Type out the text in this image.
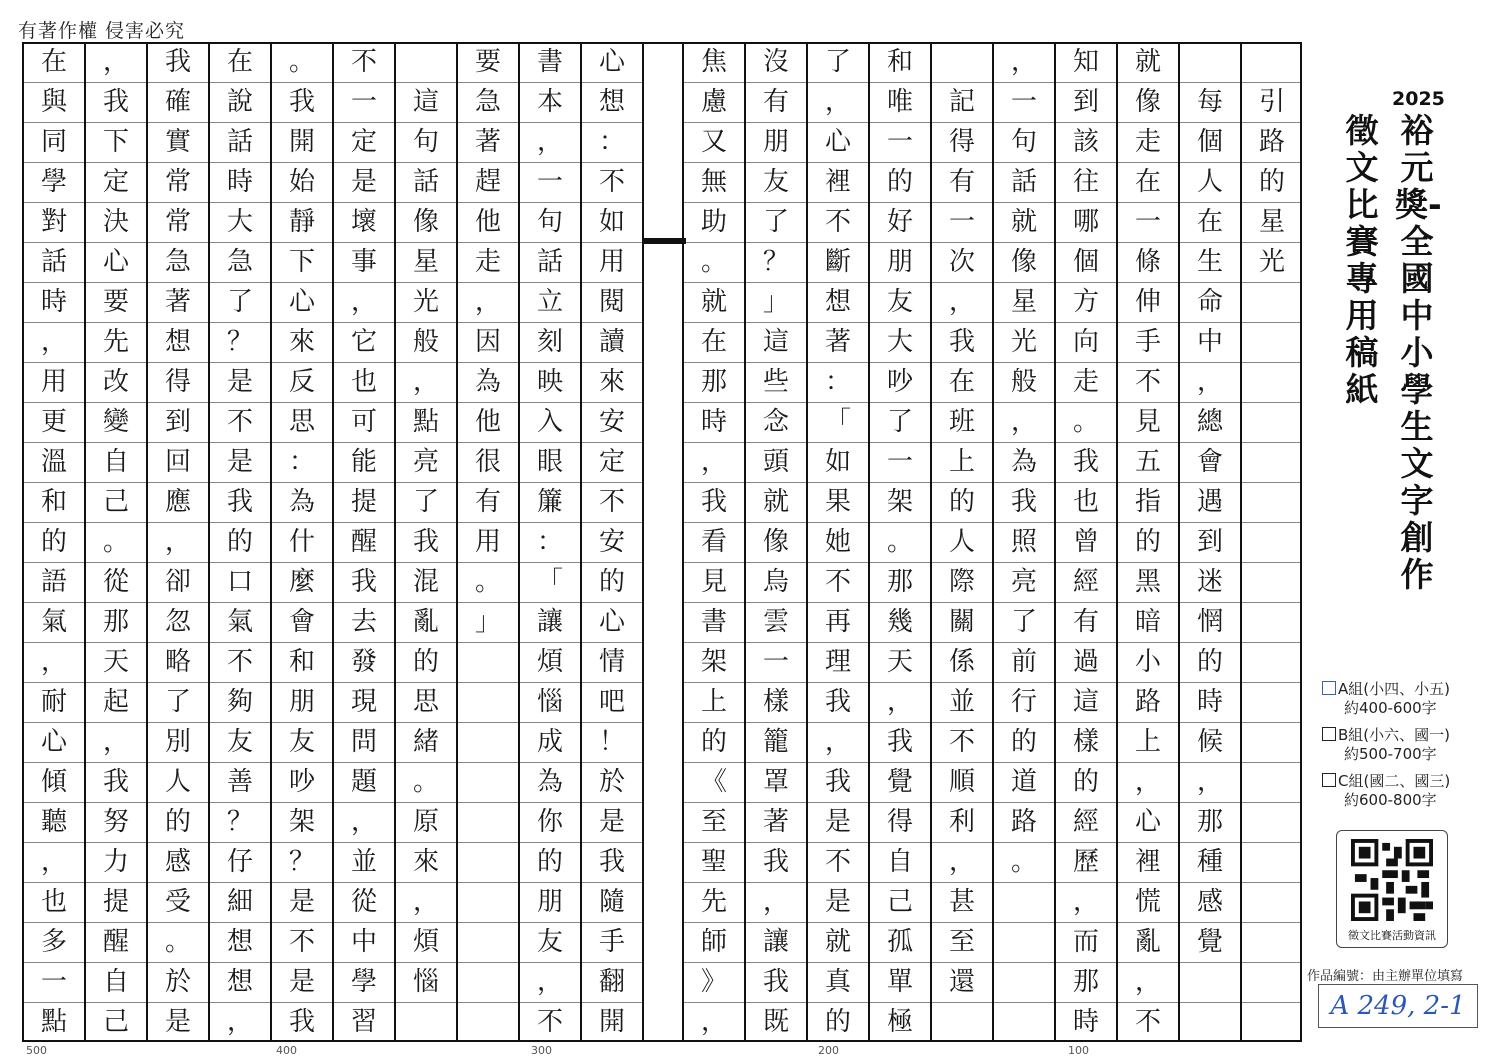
有著作權 侵害必究
引
路
的
星
光
每
個
人
在
生
命
中
，
總
會
遇
到
迷
惘
的
時
候
，
那
種
感
覺
就
像
走
在
一
條
伸
手
不
見
五
指
的
黑
暗
小
路
上
，
心
裡
慌
亂
，
不
知
到
該
往
哪
個
方
向
走
。
我
也
曾
經
有
過
這
樣
的
經
歷
，
而
那
時
，
一
句
話
就
像
星
光
般
，
為
我
照
亮
了
前
行
的
道
路
。
記
得
有
一
次
，
我
在
班
上
的
人
際
關
係
並
不
順
利
，
甚
至
還
和
唯
一
的
好
朋
友
大
吵
了
一
架
。
那
幾
天
，
我
覺
得
自
己
孤
單
極
了
，
心
裡
不
斷
想
著
：
「
如
果
她
不
再
理
我
，
我
是
不
是
就
真
的
沒
有
朋
友
了
？
」
這
些
念
頭
就
像
烏
雲
一
樣
籠
罩
著
我
，
讓
我
既
焦
慮
又
無
助
。
就
在
那
時
，
我
看
見
書
架
上
的
《
至
聖
先
師
》
，
心
想
：
不
如
用
閱
讀
來
安
定
不
安
的
心
情
吧
！
於
是
我
隨
手
翻
開
書
本
，
一
句
話
立
刻
映
入
眼
簾
：
「
讓
煩
惱
成
為
你
的
朋
友
，
不
要
急
著
趕
他
走
，
因
為
他
很
有
用
。
」
這
句
話
像
星
光
般
，
點
亮
了
我
混
亂
的
思
緒
。
原
來
，
煩
惱
不
一
定
是
壞
事
，
它
也
可
能
提
醒
我
去
發
現
問
題
，
並
從
中
學
習
。
我
開
始
靜
下
心
來
反
思
：
為
什
麼
會
和
朋
友
吵
架
？
是
不
是
我
在
說
話
時
大
急
了
？
是
不
是
我
的
口
氣
不
夠
友
善
？
仔
細
想
想
，
我
確
實
常
常
急
著
想
得
到
回
應
，
卻
忽
略
了
別
人
的
感
受
。
於
是
，
我
下
定
決
心
要
先
改
變
自
己
。
從
那
天
起
，
我
努
力
提
醒
自
己
在
與
同
學
對
話
時
，
用
更
溫
和
的
語
氣
，
耐
心
傾
聽
，
也
多
一
點
2025
裕元獎-全國中小學生文字創作
徵文比賽專用稿紙
A組(小四、小五)
約400-600字
B組(小六、國一)
約500-700字
C組(國二、國三)
約600-800字
徵文比賽活動資訊
作品編號：由主辦單位填寫
A 249, 2-1
500	400	300	200	100
